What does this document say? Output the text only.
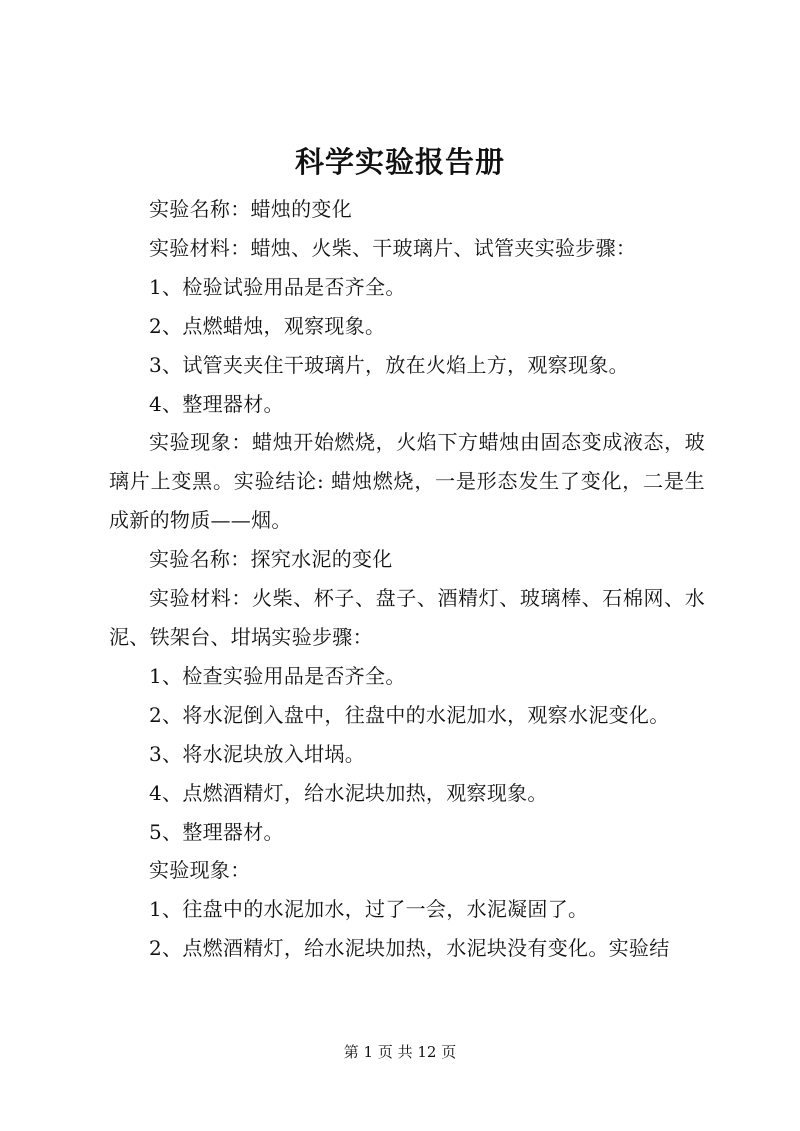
科学实验报告册

实验名称：蜡烛的变化

实验材料：蜡烛、火柴、干玻璃片、试管夹实验步骤：

1、检验试验用品是否齐全。

2、点燃蜡烛，观察现象。

3、试管夹夹住干玻璃片，放在火焰上方，观察现象。

4、整理器材。

实验现象：蜡烛开始燃烧，火焰下方蜡烛由固态变成液态，玻璃片上变黑。实验结论: 蜡烛燃烧，一是形态发生了变化，二是生成新的物质——烟。

实验名称：探究水泥的变化

实验材料：火柴、杯子、盘子、酒精灯、玻璃棒、石棉网、水泥、铁架台、坩埚实验步骤：

1、检查实验用品是否齐全。

2、将水泥倒入盘中，往盘中的水泥加水，观察水泥变化。

3、将水泥块放入坩埚。

4、点燃酒精灯，给水泥块加热，观察现象。

5、整理器材。

实验现象：

1、往盘中的水泥加水，过了一会，水泥凝固了。

2、点燃酒精灯，给水泥块加热，水泥块没有变化。实验结

第 1 页 共 12 页
